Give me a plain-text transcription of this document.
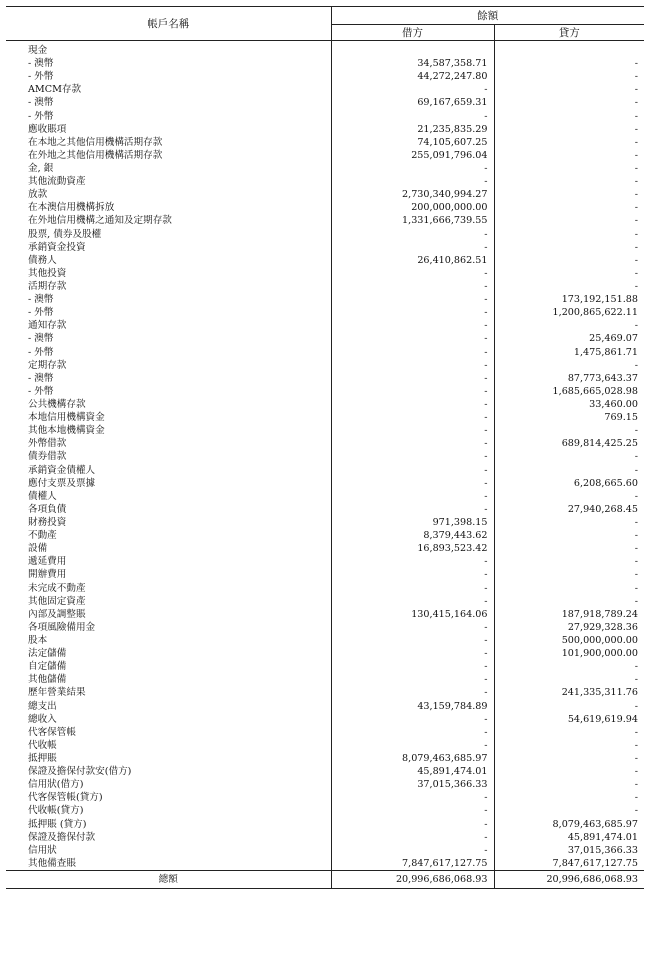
帳戶名稱	餘額	
	借方	貸方
現金		
- 澳幣	34,587,358.71	-
- 外幣	44,272,247.80	-
AMCM存款	-	-
- 澳幣	69,167,659.31	-
- 外幣	-	-
應收賬項	21,235,835.29	-
在本地之其他信用機構活期存款	74,105,607.25	-
在外地之其他信用機構活期存款	255,091,796.04	-
金, 銀	-	-
其他流動資產	-	-
放款	2,730,340,994.27	-
在本澳信用機構拆放	200,000,000.00	-
在外地信用機構之通知及定期存款	1,331,666,739.55	-
股票, 債券及股權	-	-
承銷資金投資	-	-
債務人	26,410,862.51	-
其他投資	-	-
活期存款	-	-
- 澳幣	-	173,192,151.88
- 外幣	-	1,200,865,622.11
通知存款	-	-
- 澳幣	-	25,469.07
- 外幣	-	1,475,861.71
定期存款	-	-
- 澳幣	-	87,773,643.37
- 外幣	-	1,685,665,028.98
公共機構存款	-	33,460.00
本地信用機構資金	-	769.15
其他本地機構資金	-	-
外幣借款	-	689,814,425.25
債券借款	-	-
承銷資金債權人	-	-
應付支票及票據	-	6,208,665.60
債權人	-	-
各項負債	-	27,940,268.45
財務投資	971,398.15	-
不動產	8,379,443.62	-
設備	16,893,523.42	-
遞延費用	-	-
開辦費用	-	-
未完成不動產	-	-
其他固定資產	-	-
內部及調整賬	130,415,164.06	187,918,789.24
各項風險備用金	-	27,929,328.36
股本	-	500,000,000.00
法定儲備	-	101,900,000.00
自定儲備	-	-
其他儲備	-	-
歷年營業結果	-	241,335,311.76
總支出	43,159,784.89	-
總收入	-	54,619,619.94
代客保管帳	-	-
代收帳	-	-
抵押賬	8,079,463,685.97	-
保證及擔保付款安(借方)	45,891,474.01	-
信用狀(借方)	37,015,366.33	-
代客保管帳(貸方)	-	-
代收帳(貸方)	-	-
抵押賬 (貸方)	-	8,079,463,685.97
保證及擔保付款	-	45,891,474.01
信用狀	-	37,015,366.33
其他備查賬	7,847,617,127.75	7,847,617,127.75
總額	20,996,686,068.93	20,996,686,068.93
